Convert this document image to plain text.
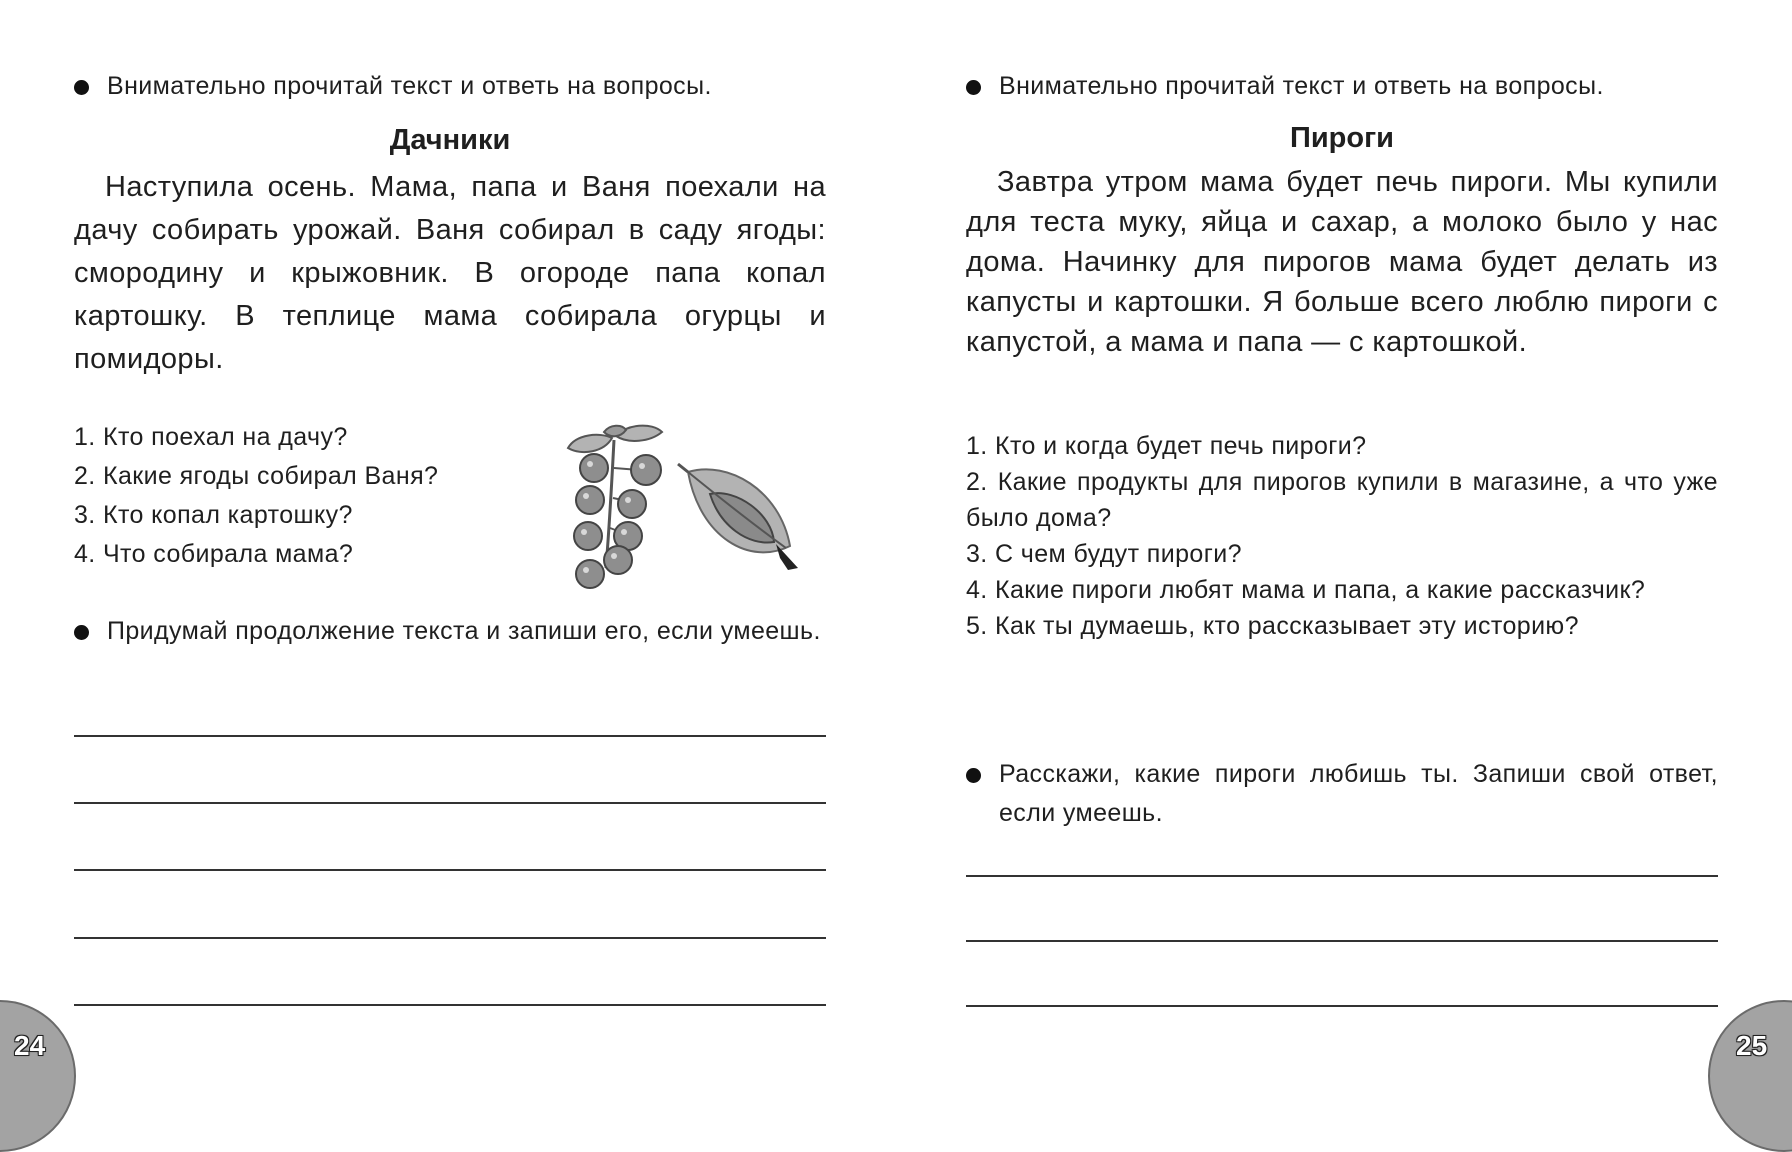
Внимательно прочитай текст и ответь на вопросы.
Дачники

Наступила осень. Мама, папа и Ваня поехали на дачу собирать урожай. Ваня собирал в саду ягоды: смородину и крыжовник. В огороде папа копал картошку. В теплице мама собирала огурцы и помидоры.

1. Кто поехал на дачу?
2. Какие ягоды собирал Ваня?
3. Кто копал картошку?
4. Что собирала мама?
Придумай продолжение текста и запиши его, если умеешь.
24
Внимательно прочитай текст и ответь на вопросы.
Пироги

Завтра утром мама будет печь пироги. Мы купили для теста муку, яйца и сахар, а молоко было у нас дома. Начинку для пирогов мама будет делать из капусты и картошки. Я больше всего люблю пироги с капустой, а мама и папа — с картошкой.

1. Кто и когда будет печь пироги?
2. Какие продукты для пирогов купили в магазине, а что уже было дома?
3. С чем будут пироги?
4. Какие пироги любят мама и папа, а какие рассказчик?
5. Как ты думаешь, кто рассказывает эту историю?
Расскажи, какие пироги любишь ты. Запиши свой ответ, если умеешь.
25
